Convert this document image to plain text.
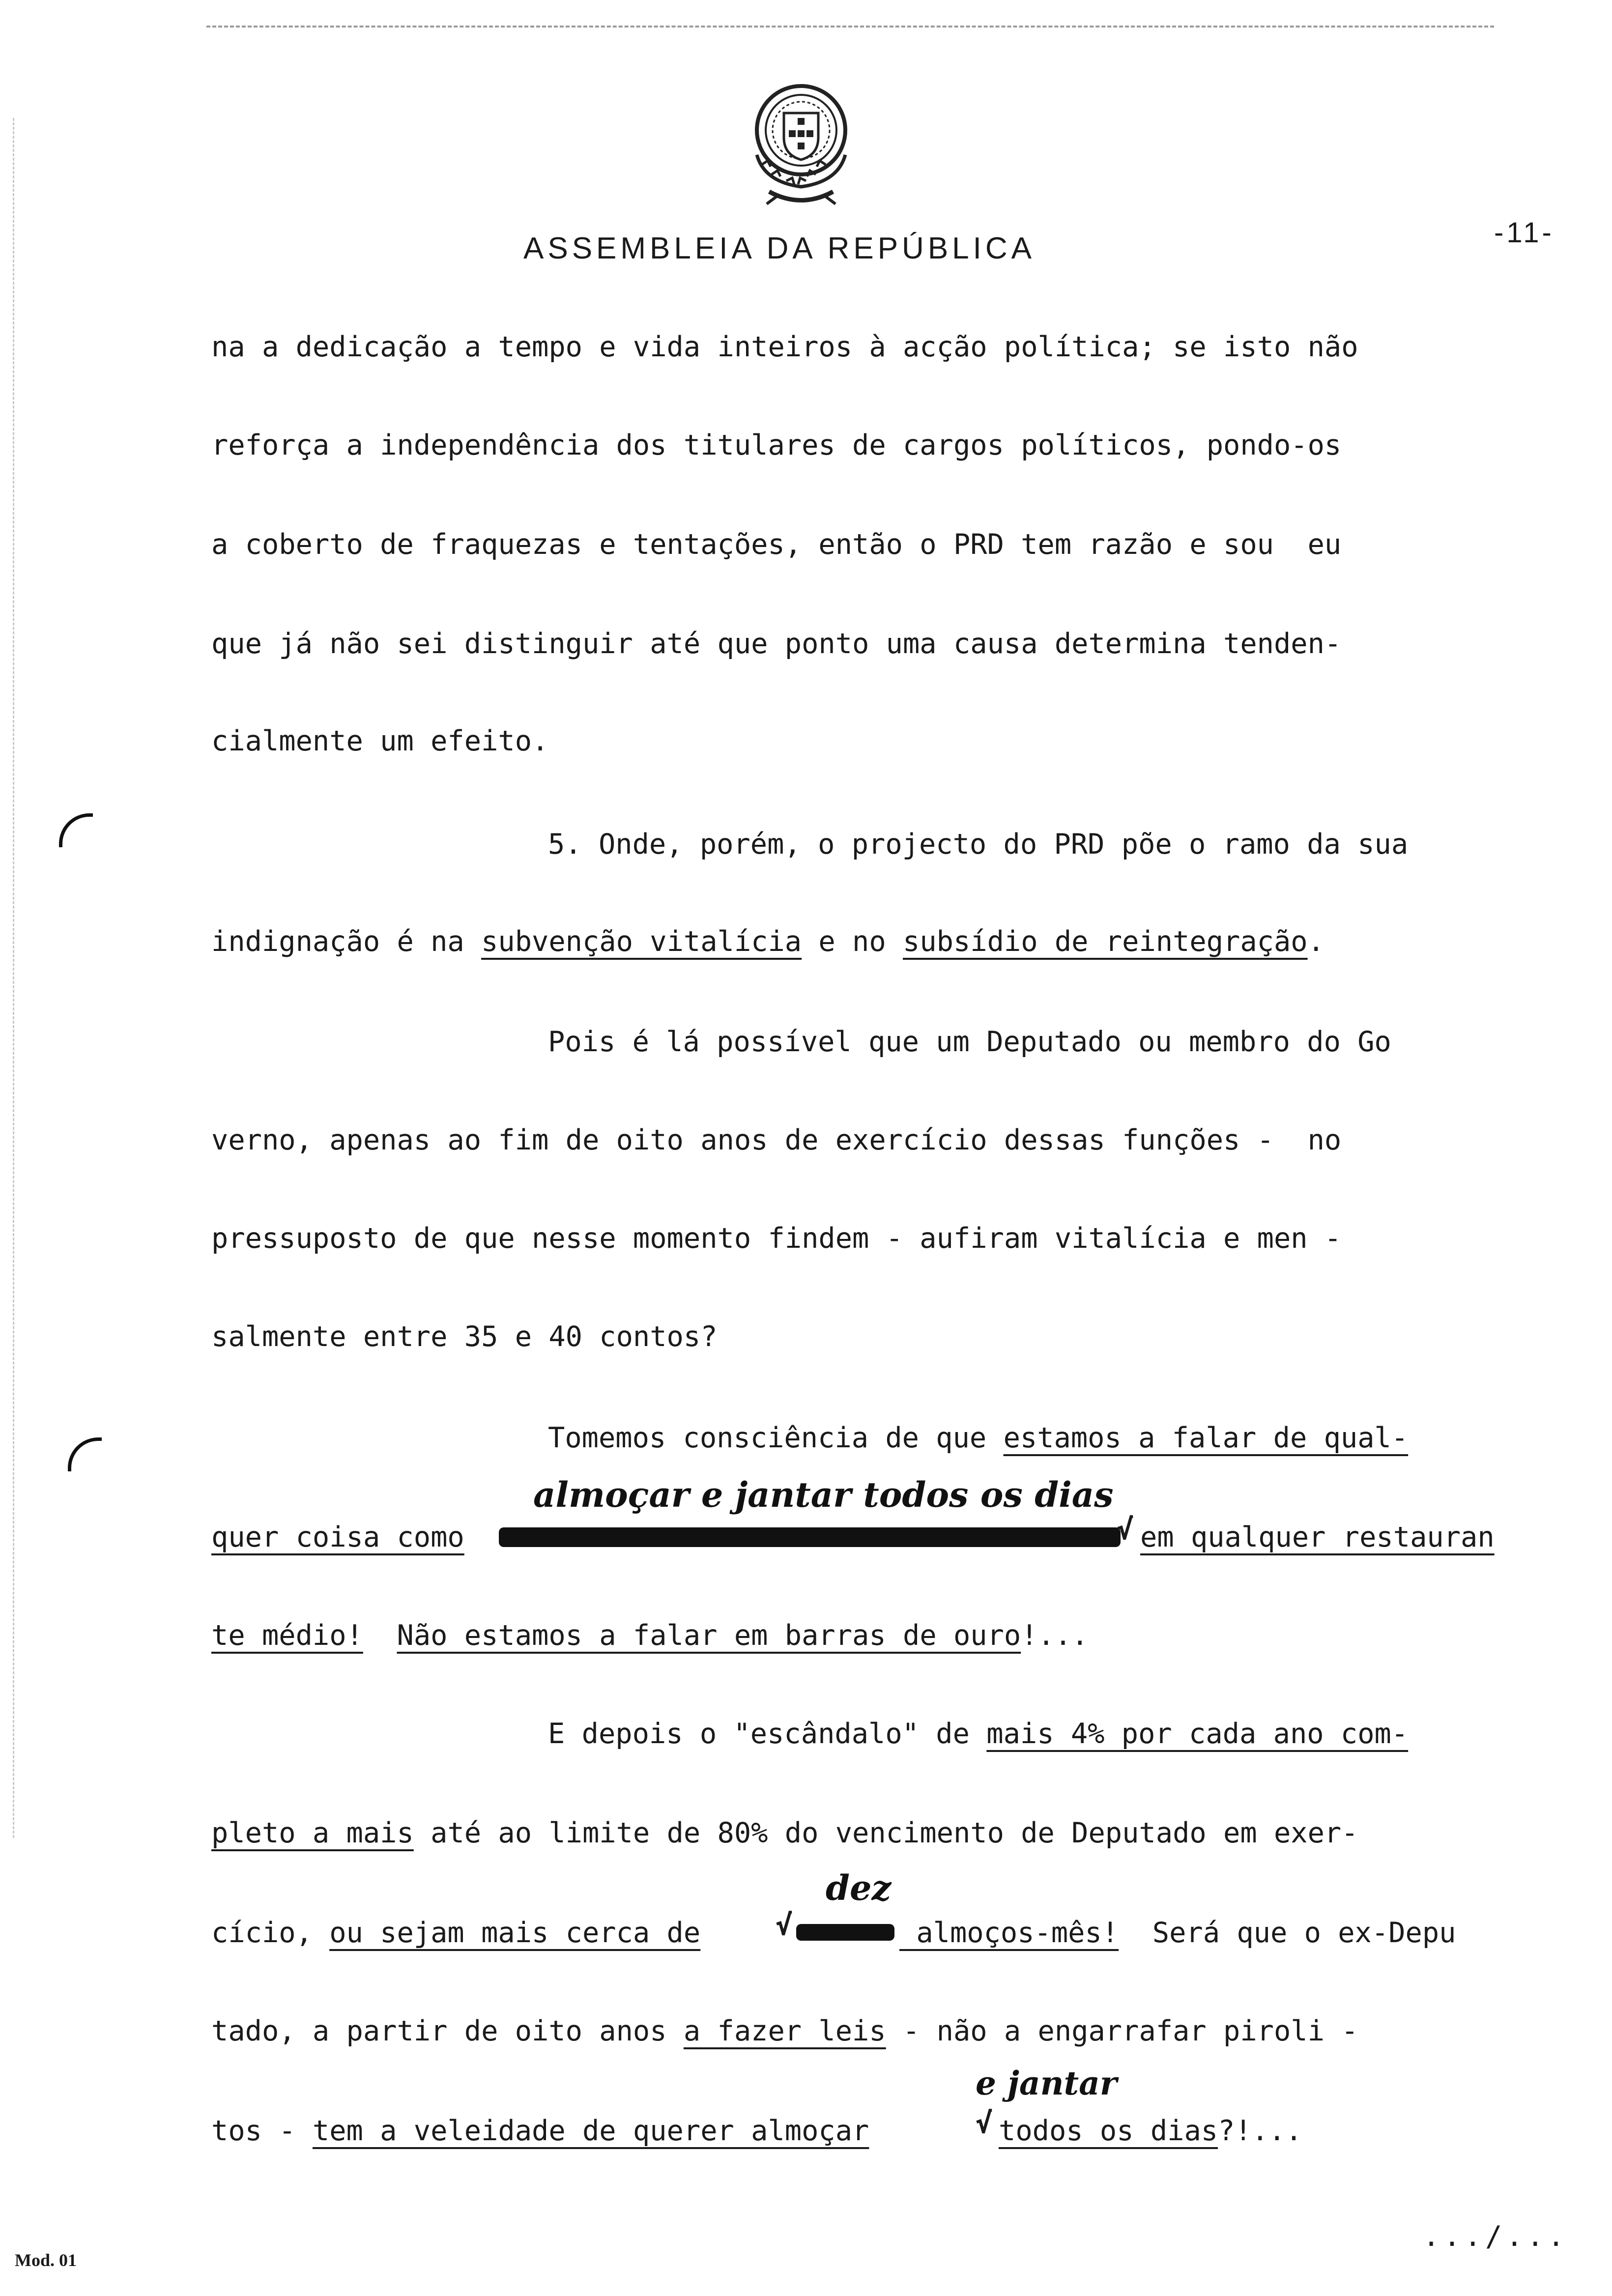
ASSEMBLEIA DA REPÚBLICA	-11-
na a dedicação a tempo e vida inteiros à acção política; se isto não
reforça a independência dos titulares de cargos políticos, pondo-os
a coberto de fraquezas e tentações, então o PRD tem razão e sou  eu
que já não sei distinguir até que ponto uma causa determina tenden-
cialmente um efeito.
5. Onde, porém, o projecto do PRD põe o ramo da sua
indignação é na subvenção vitalícia e no subsídio de reintegração.
Pois é lá possível que um Deputado ou membro do Go
verno, apenas ao fim de oito anos de exercício dessas funções -  no
pressuposto de que nesse momento findem - aufiram vitalícia e men -
salmente entre 35 e 40 contos?
Tomemos consciência de que estamos a falar de qual-
almoçar e jantar todos os dias
quer coisa como	√ em qualquer restauran
te médio! Não estamos a falar em barras de ouro!...
E depois o "escândalo" de mais 4% por cada ano com-
pleto a mais até ao limite de 80% do vencimento de Deputado em exer-
dez
cício, ou sejam mais cerca de	√	almoços-mês!  Será que o ex-Depu
tado, a partir de oito anos a fazer leis - não a engarrafar piroli -
e jantar
tos - tem a veleidade de querer almoçar	√ todos os dias?!...
.../...
Mod. 01
